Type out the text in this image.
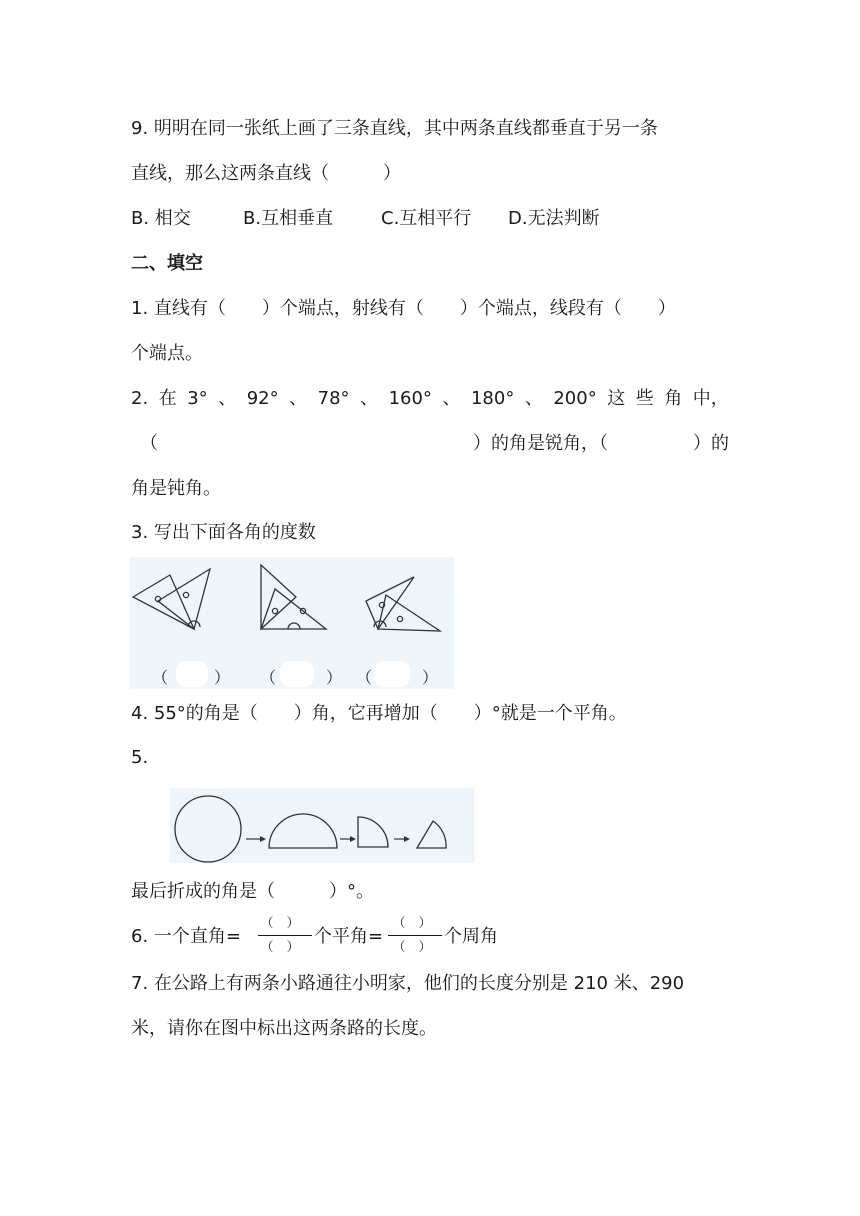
9. 明明在同一张纸上画了三条直线，其中两条直线都垂直于另一条
直线，那么这两条直线（　　　）
B. 相交	B.互相垂直	C.互相平行 D.无法判断
二、填空
1. 直线有（　　）个端点，射线有（　　）个端点，线段有（　　）
个端点。
2. 在 3° 、 92° 、 78° 、 160° 、 180° 、 200° 这 些 角 中，
（	）的角是锐角，（	）的
角是钝角。
3. 写出下面各角的度数
（	） （	） （	）
4. 55°的角是（　　）角，它再增加（　　）°就是一个平角。
5.
最后折成的角是（　　　）°。
6. 一个直角=
（　）
（　）
个平角=
（　）
（　）
个周角
7. 在公路上有两条小路通往小明家，他们的长度分别是 210 米、290
米，请你在图中标出这两条路的长度。
